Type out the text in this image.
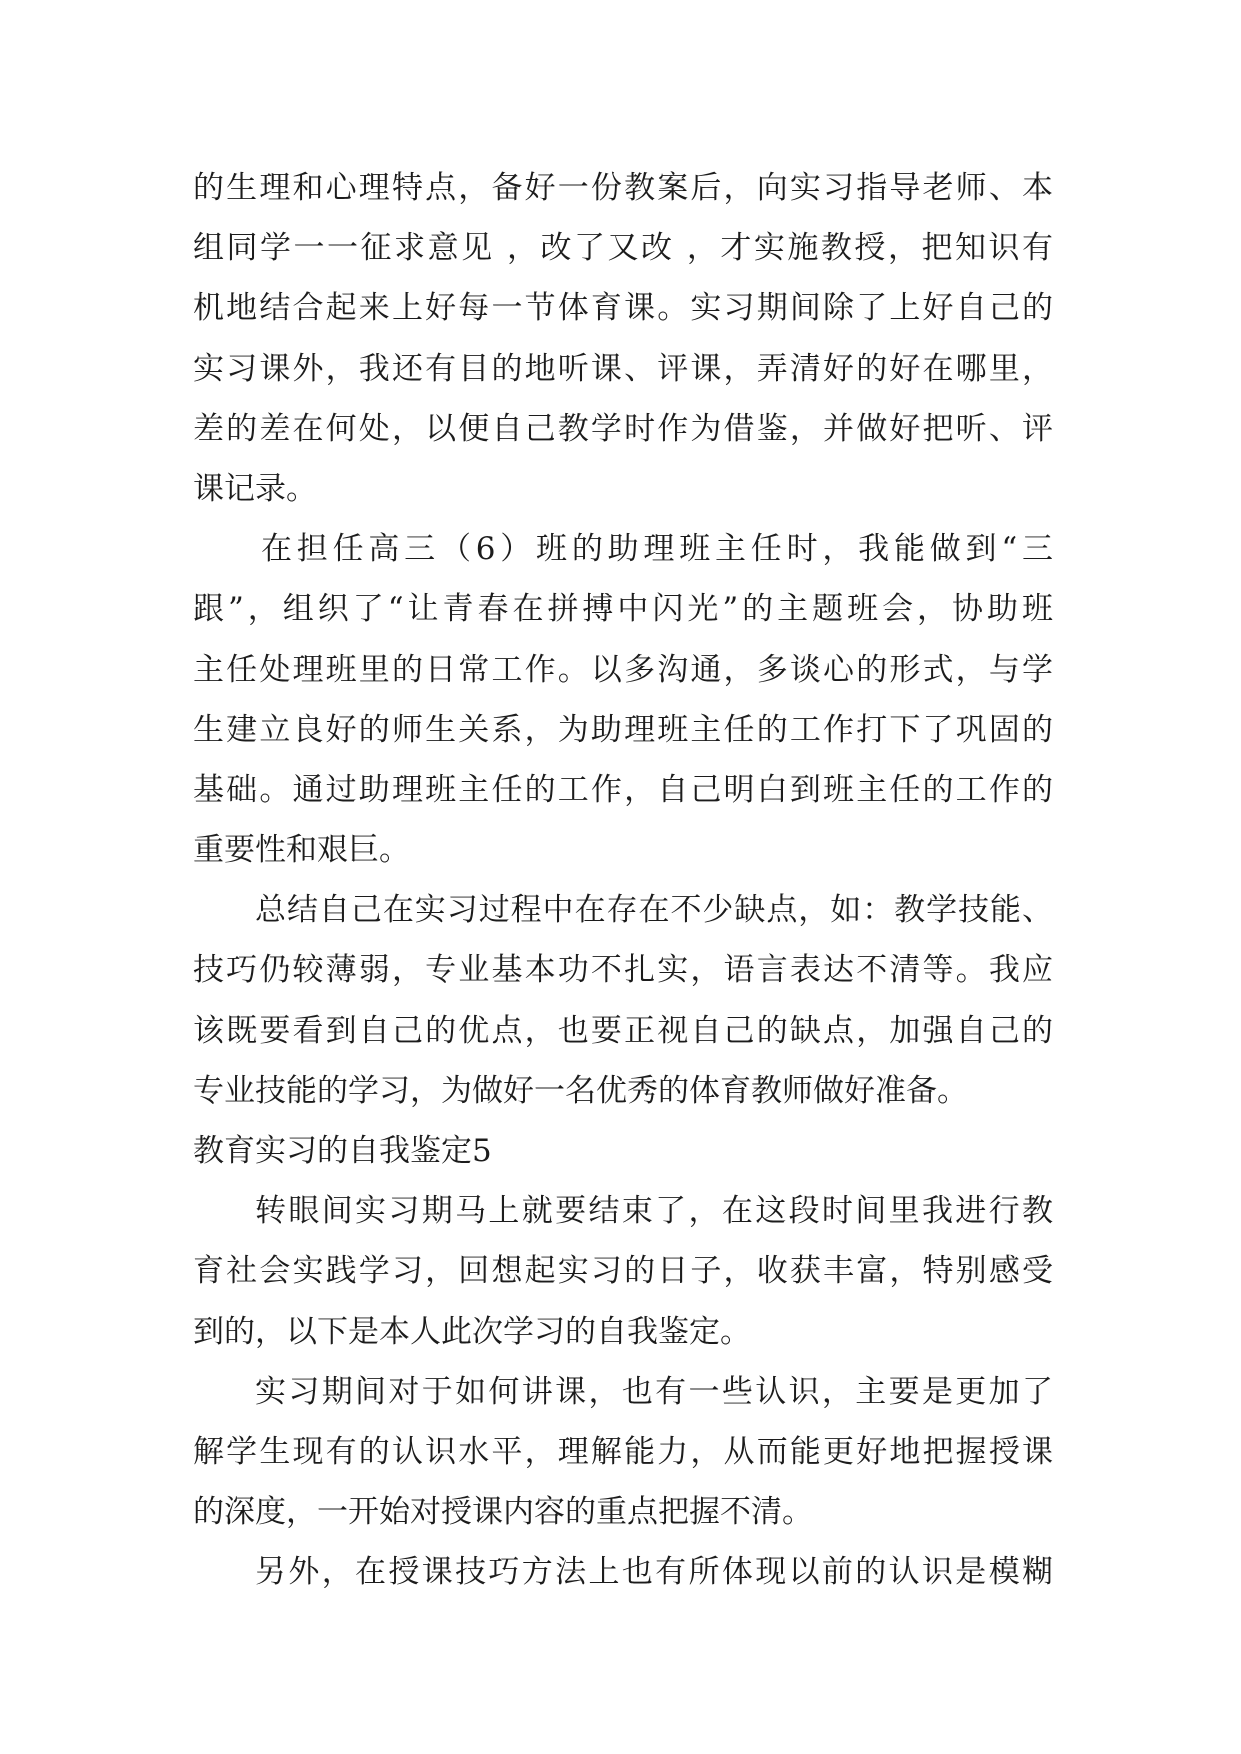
的生理和心理特点，备好一份教案后，向实习指导老师、本
组同学一一征求意见 ，改了又改 ，才实施教授，把知识有
机地结合起来上好每一节体育课。实习期间除了上好自己的
实习课外，我还有目的地听课、评课，弄清好的好在哪里，
差的差在何处，以便自己教学时作为借鉴，并做好把听、评
课记录。
在担任高三（6）班的助理班主任时，我能做到“三
跟”，组织了“让青春在拼搏中闪光”的主题班会，协助班
主任处理班里的日常工作。以多沟通，多谈心的形式，与学
生建立良好的师生关系，为助理班主任的工作打下了巩固的
基础。通过助理班主任的工作，自己明白到班主任的工作的
重要性和艰巨。
总结自己在实习过程中在存在不少缺点，如：教学技能、
技巧仍较薄弱，专业基本功不扎实，语言表达不清等。我应
该既要看到自己的优点，也要正视自己的缺点，加强自己的
专业技能的学习，为做好一名优秀的体育教师做好准备。
教育实习的自我鉴定5
转眼间实习期马上就要结束了，在这段时间里我进行教
育社会实践学习，回想起实习的日子，收获丰富，特别感受
到的，以下是本人此次学习的自我鉴定。
实习期间对于如何讲课，也有一些认识，主要是更加了
解学生现有的认识水平，理解能力，从而能更好地把握授课
的深度，一开始对授课内容的重点把握不清。
另外，在授课技巧方法上也有所体现以前的认识是模糊
